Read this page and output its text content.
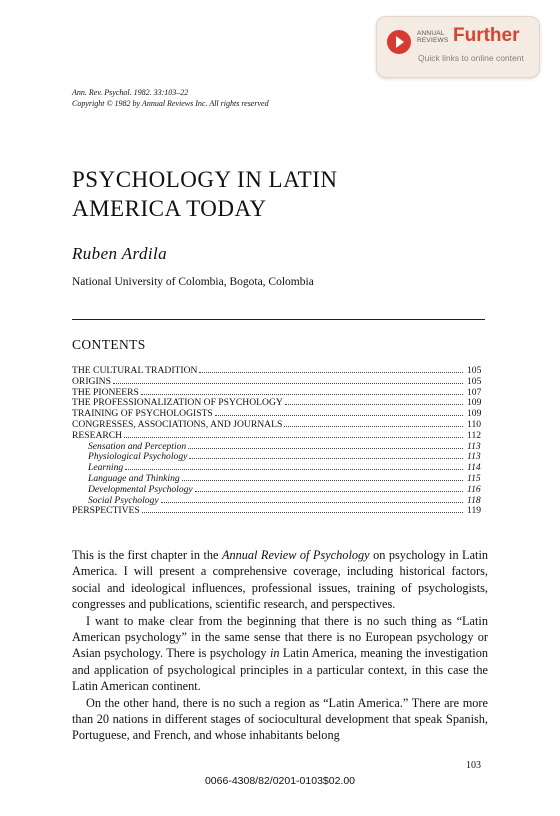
ANNUAL
REVIEWS Further
Quick links to online content
Ann. Rev. Psychol. 1982. 33:103–22
Copyright © 1982 by Annual Reviews Inc. All rights reserved
PSYCHOLOGY IN LATIN
AMERICA TODAY
Ruben Ardila
National University of Colombia, Bogota, Colombia
CONTENTS
THE CULTURAL TRADITION	105
ORIGINS	105
THE PIONEERS	107
THE PROFESSIONALIZATION OF PSYCHOLOGY	109
TRAINING OF PSYCHOLOGISTS	109
CONGRESSES, ASSOCIATIONS, AND JOURNALS	110
RESEARCH	112
Sensation and Perception	113
Physiological Psychology	113
Learning	114
Language and Thinking	115
Developmental Psychology	116
Social Psychology	118
PERSPECTIVES	119

This is the first chapter in the Annual Review of Psychology on psychology in Latin America. I will present a comprehensive coverage, including historical factors, social and ideological influences, professional issues, training of psychologists, congresses and publications, scientific research, and perspectives.

I want to make clear from the beginning that there is no such thing as “Latin American psychology” in the same sense that there is no European psychology or Asian psychology. There is psychology in Latin America, meaning the investigation and application of psychological principles in a particular context, in this case the Latin American continent.

On the other hand, there is no such a region as “Latin America.” There are more than 20 nations in different stages of sociocultural development that speak Spanish, Portuguese, and French, and whose inhabitants belong

103
0066-4308/82/0201-0103$02.00
